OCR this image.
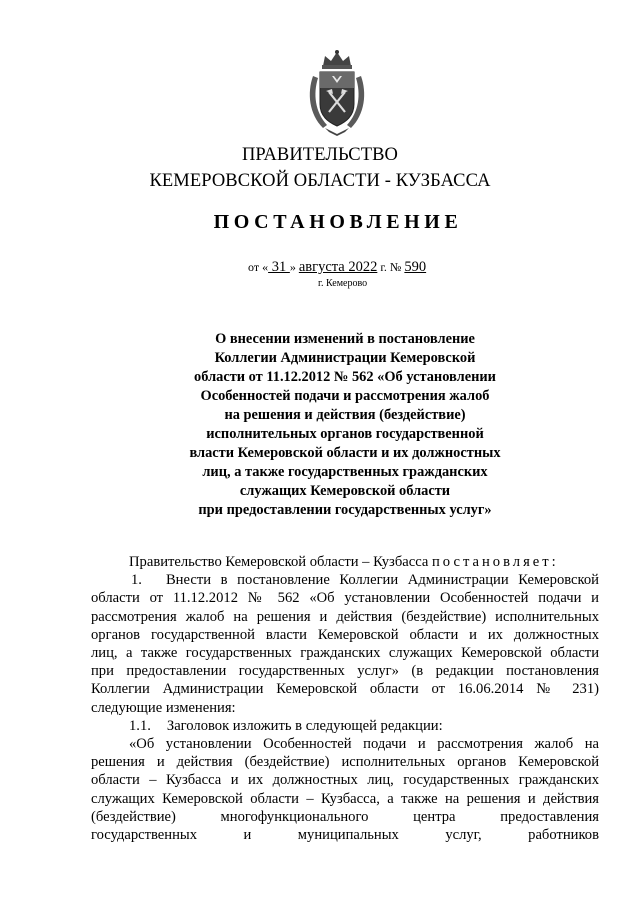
ПРАВИТЕЛЬСТВО
КЕМЕРОВСКОЙ ОБЛАСТИ - КУЗБАССА
ПОСТАНОВЛЕНИЕ
от « 31 » августа 2022 г. № 590
г. Кемерово
О внесении изменений в постановление
Коллегии Администрации Кемеровской
области от 11.12.2012 № 562 «Об установлении
Особенностей подачи и рассмотрения жалоб
на решения и действия (бездействие)
исполнительных органов государственной
власти Кемеровской области и их должностных
лиц, а также государственных гражданских
служащих Кемеровской области
при предоставлении государственных услуг»
Правительство Кемеровской области – Кузбасса постановляет:
1. Внести в постановление Коллегии Администрации Кемеровской
области от 11.12.2012 № 562 «Об установлении Особенностей подачи и
рассмотрения жалоб на решения и действия (бездействие) исполнительных
органов государственной власти Кемеровской области и их должностных
лиц, а также государственных гражданских служащих Кемеровской области
при предоставлении государственных услуг» (в редакции постановления
Коллегии Администрации Кемеровской области от 16.06.2014 № 231)
следующие изменения:
1.1. Заголовок изложить в следующей редакции:
«Об установлении Особенностей подачи и рассмотрения жалоб на
решения и действия (бездействие) исполнительных органов Кемеровской
области – Кузбасса и их должностных лиц, государственных гражданских
служащих Кемеровской области – Кузбасса, а также на решения и действия
(бездействие) многофункционального центра предоставления
государственных и муниципальных услуг, работников
